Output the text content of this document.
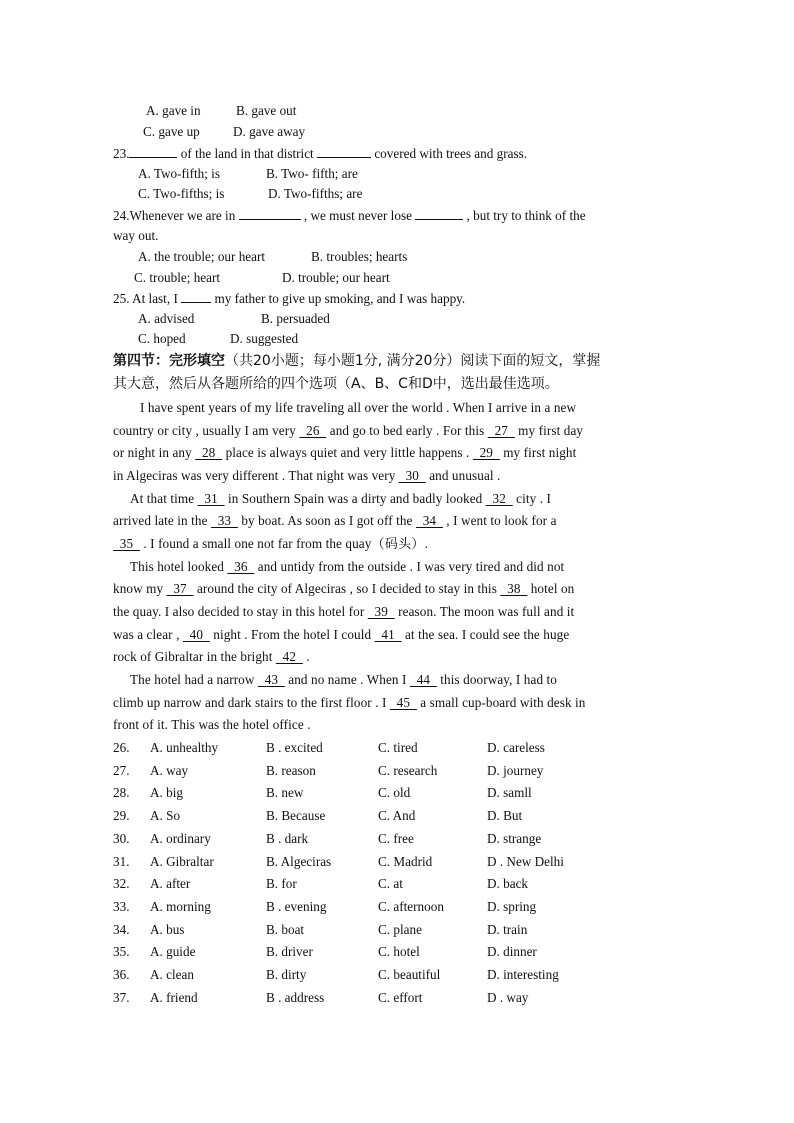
A. gave in	B. gave out
C. gave up	D. gave away
23.	of the land in that district	covered with trees and grass.
A. Two-fifth; is	B. Two- fifth; are
C. Two-fifths; is	D. Two-fifths; are
24.Whenever we are in	, we must never lose	, but try to think of the
way out.
A. the trouble; our heart	B. troubles; hearts
C. trouble; heart	D. trouble; our heart
25. At last, I  my father to give up smoking, and I was happy.
A. advised	B. persuaded
C. hoped	D. suggested
第四节：完形填空（共20小题；每小题1分, 满分20分）阅读下面的短文，掌握
其大意，然后从各题所给的四个选项（A、B、C和D中，选出最佳选项。
I have spent years of my life traveling all over the world . When I arrive in a new
country or city , usually I am very   26   and go to bed early . For this   27   my first day
or night in any   28   place is always quiet and very little happens .   29   my first night
in Algeciras was very different . That night was very   30   and unusual .
At that time   31   in Southern Spain was a dirty and badly looked   32   city . I
arrived late in the   33   by boat. As soon as I got off the   34   , I went to look for a
35   . I found a small one not far from the quay（码头）.
This hotel looked   36   and untidy from the outside . I was very tired and did not
know my   37   around the city of Algeciras , so I decided to stay in this   38   hotel on
the quay. I also decided to stay in this hotel for   39   reason. The moon was full and it
was a clear ,   40   night . From the hotel I could   41   at the sea. I could see the huge
rock of Gibraltar in the bright   42   .
The hotel had a narrow   43   and no name . When I   44   this doorway, I had to
climb up narrow and dark stairs to the first floor . I   45   a small cup-board with desk in
front of it. This was the hotel office .
26. A. unhealthy	B . excited	C. tired	D. careless
27. A. way	B. reason	C. research	D. journey
28. A. big	B. new	C. old	D. samll
29. A. So	B. Because	C. And	D. But
30. A. ordinary	B . dark	C. free	D. strange
31. A. Gibraltar	B. Algeciras	C. Madrid	D . New Delhi
32. A. after	B. for	C. at	D. back
33. A. morning	B . evening	C. afternoon	D. spring
34. A. bus	B. boat	C. plane	D. train
35. A. guide	B. driver	C. hotel	D. dinner
36. A. clean	B. dirty	C. beautiful	D. interesting
37. A. friend	B . address	C. effort	D . way
